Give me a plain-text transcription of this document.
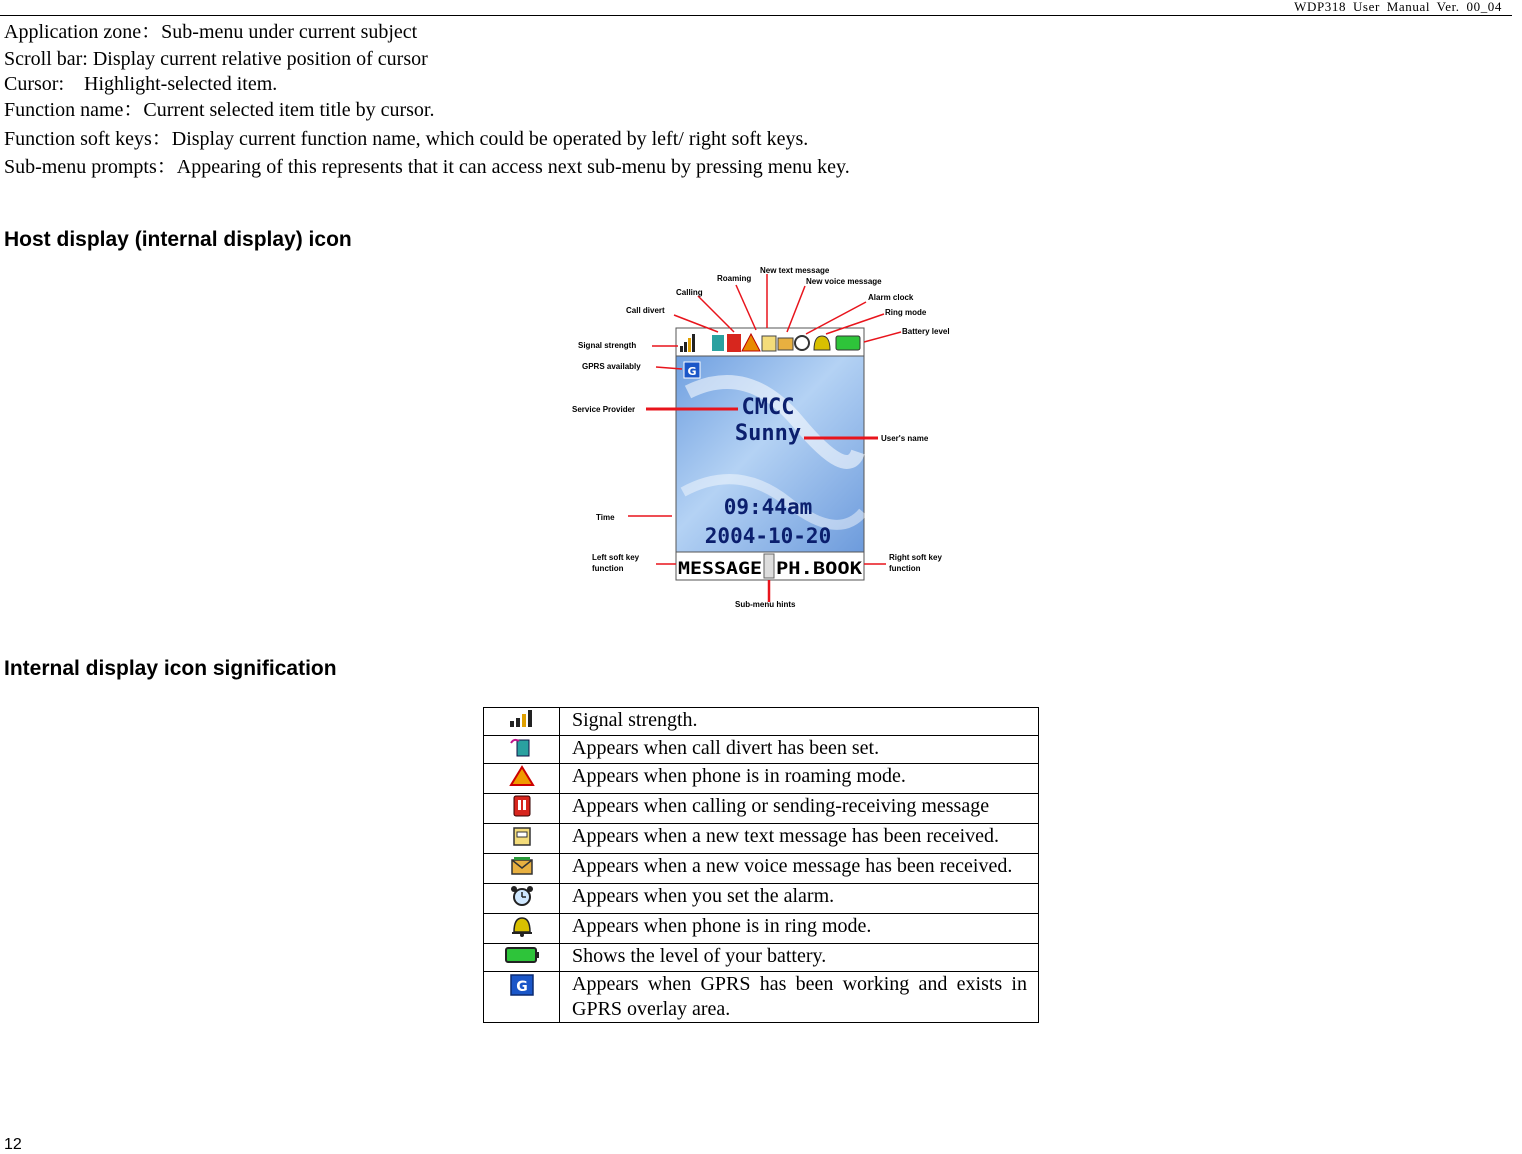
WDP318 User Manual Ver. 00_04
Application zone：Sub-menu under current subject
Scroll bar: Display current relative position of cursor
Cursor:    Highlight-selected item.
Function name：Current selected item title by cursor.
Function soft keys：Display current function name, which could be operated by left/ right soft keys.
Sub-menu prompts：Appearing of this represents that it can access next sub-menu by pressing menu key.
Host display (internal display) icon
G
CMCC
Sunny
09:44am
2004-10-20
MESSAGE PH.BOOK
New text message
Roaming	New voice message
Calling
Alarm clock
Call divert	Ring mode
Battery level
Signal strength
GPRS availably
Service Provider
User's name
Time
Left soft key
function
Right soft key
function
Sub-menu hints
Internal display icon signification
	Signal strength.
	Appears when call divert has been set.
	Appears when phone is in roaming mode.
	Appears when calling or sending-receiving message
	Appears when a new text message has been received.
	Appears when a new voice message has been received.
	Appears when you set the alarm.
	Appears when phone is in ring mode.
	Shows the level of your battery.

G	Appears when GPRS has been working and exists in GPRS overlay area.
12
